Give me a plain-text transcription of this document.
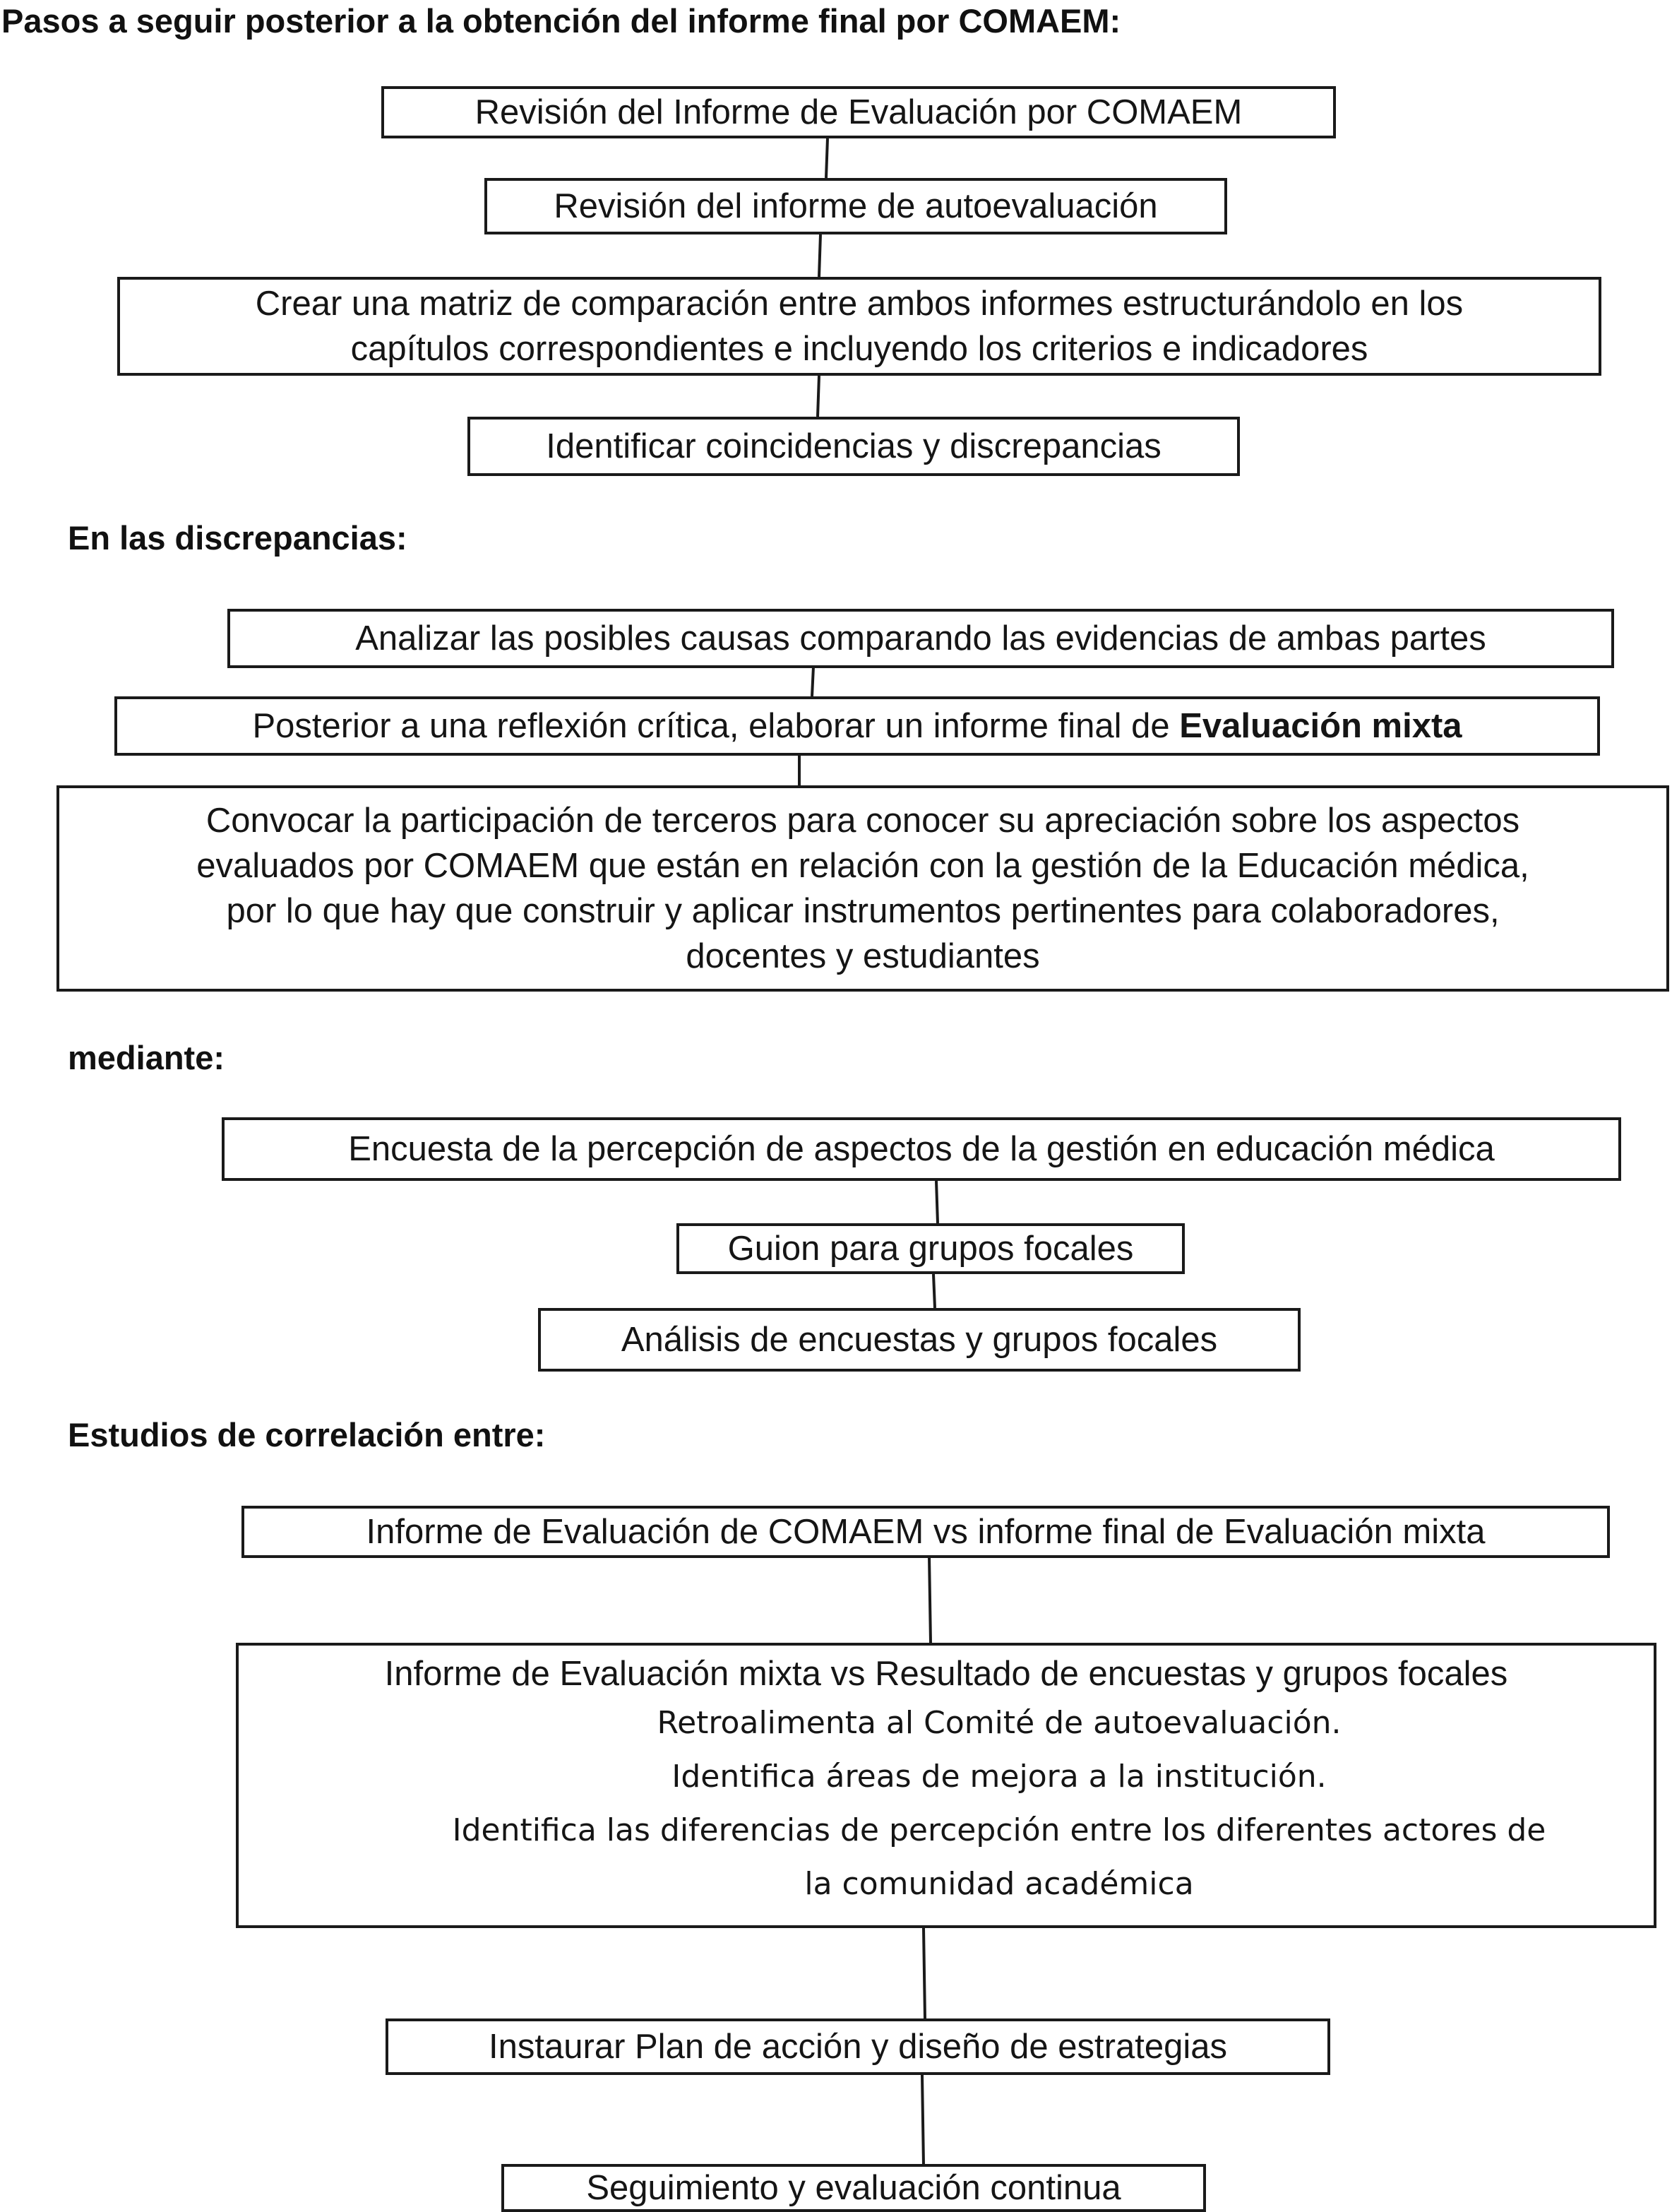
Pasos a seguir posterior a la obtención del informe final por COMAEM:
En las discrepancias:
mediante:
Estudios de correlación entre:
Revisión del Informe de Evaluación por COMAEM
Revisión del informe de autoevaluación
Crear una matriz de comparación entre ambos informes estructurándolo en los
capítulos correspondientes e incluyendo los criterios e indicadores
Identificar coincidencias y discrepancias
Analizar las posibles causas comparando las evidencias de ambas partes
Posterior a una reflexión crítica, elaborar un informe final de Evaluación mixta
Convocar la participación de terceros para conocer su apreciación sobre los aspectos
evaluados por COMAEM que están en relación con la gestión de la Educación médica,
por lo que hay que construir y aplicar instrumentos pertinentes para colaboradores,
docentes y estudiantes
Encuesta de la percepción de aspectos de la gestión en educación médica
Guion para grupos focales
Análisis de encuestas y grupos focales
Informe de Evaluación de COMAEM vs informe final de Evaluación mixta
Informe de Evaluación mixta vs Resultado de encuestas y grupos focales
Retroalimenta al Comité de autoevaluación.
Identifica áreas de mejora a la institución.
Identifica las diferencias de percepción entre los diferentes actores de
la comunidad académica
Instaurar Plan de acción y diseño de estrategias
Seguimiento y evaluación continua
